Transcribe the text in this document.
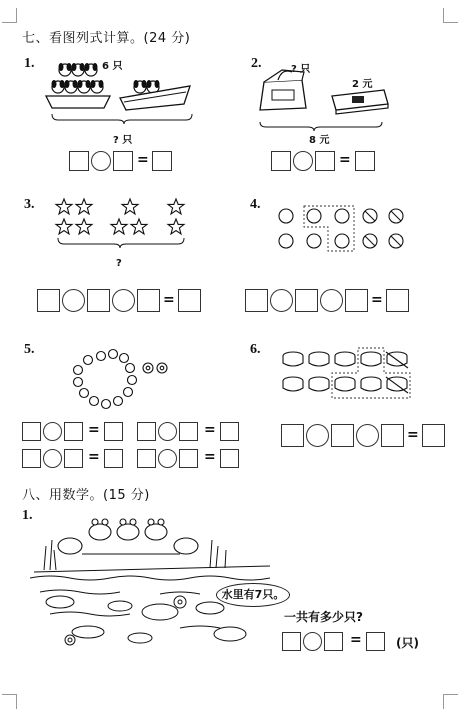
七、看图列式计算。(24 分)
1.	6 只
? 只
=
2.	? 只
2 元
8 元
=
3.
?
=
4.
=
5.
=	=
=	=
6.
=
八、用数学。(15 分)
1.
水里有7只。
一共有多少只?
=	(只)
